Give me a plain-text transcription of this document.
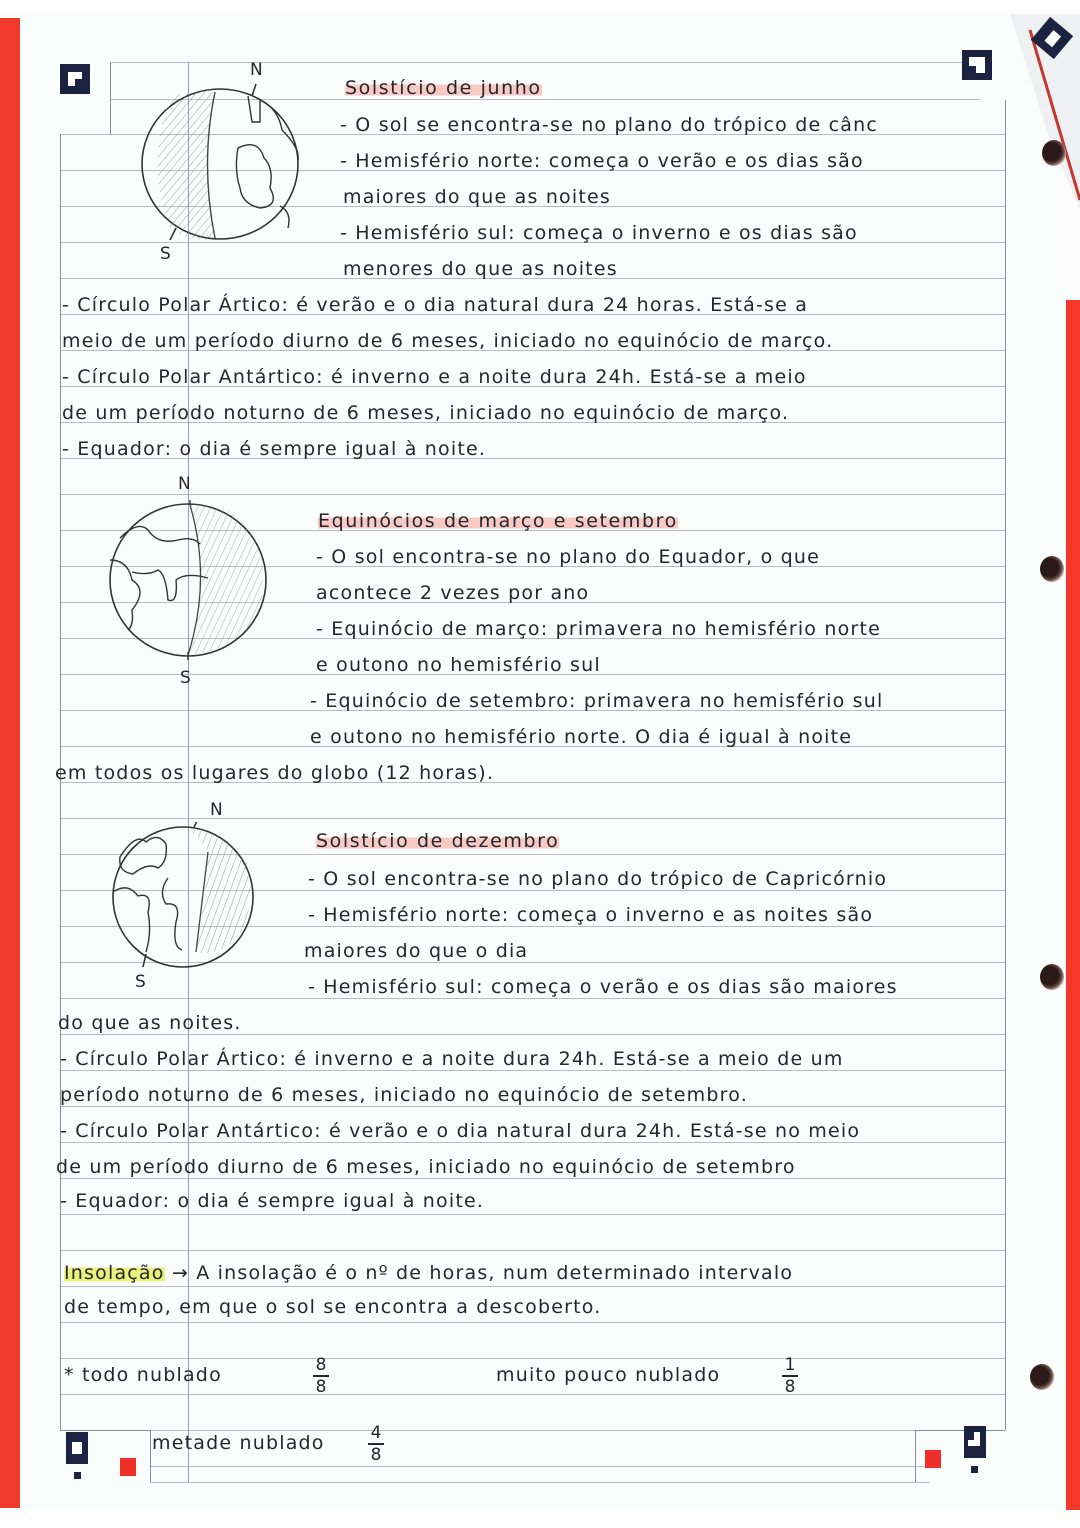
N
S
Solstício de junho
- O sol se encontra-se no plano do trópico de cânc
- Hemisfério norte: começa o verão e os dias são
maiores do que as noites
- Hemisfério sul: começa o inverno e os dias são
menores do que as noites
- Círculo Polar Ártico: é verão e o dia natural dura 24 horas. Está-se a
meio de um período diurno de 6 meses, iniciado no equinócio de março.
- Círculo Polar Antártico: é inverno e a noite dura 24h. Está-se a meio
de um período noturno de 6 meses, iniciado no equinócio de março.
- Equador: o dia é sempre igual à noite.
N
S
Equinócios de março e setembro
- O sol encontra-se no plano do Equador, o que
acontece 2 vezes por ano
- Equinócio de março: primavera no hemisfério norte
e outono no hemisfério sul
- Equinócio de setembro: primavera no hemisfério sul
e outono no hemisfério norte. O dia é igual à noite
em todos os lugares do globo (12 horas).
N
S
Solstício de dezembro
- O sol encontra-se no plano do trópico de Capricórnio
- Hemisfério norte: começa o inverno e as noites são
maiores do que o dia
- Hemisfério sul: começa o verão e os dias são maiores
do que as noites.
- Círculo Polar Ártico: é inverno e a noite dura 24h. Está-se a meio de um
período noturno de 6 meses, iniciado no equinócio de setembro.
- Círculo Polar Antártico: é verão e o dia natural dura 24h. Está-se no meio
de um período diurno de 6 meses, iniciado no equinócio de setembro
- Equador: o dia é sempre igual à noite.
Insolação → A insolação é o nº de horas, num determinado intervalo
de tempo, em que o sol se encontra a descoberto.
* todo nublado	8
8
muito pouco nublado	1
8
metade nublado	4
8
